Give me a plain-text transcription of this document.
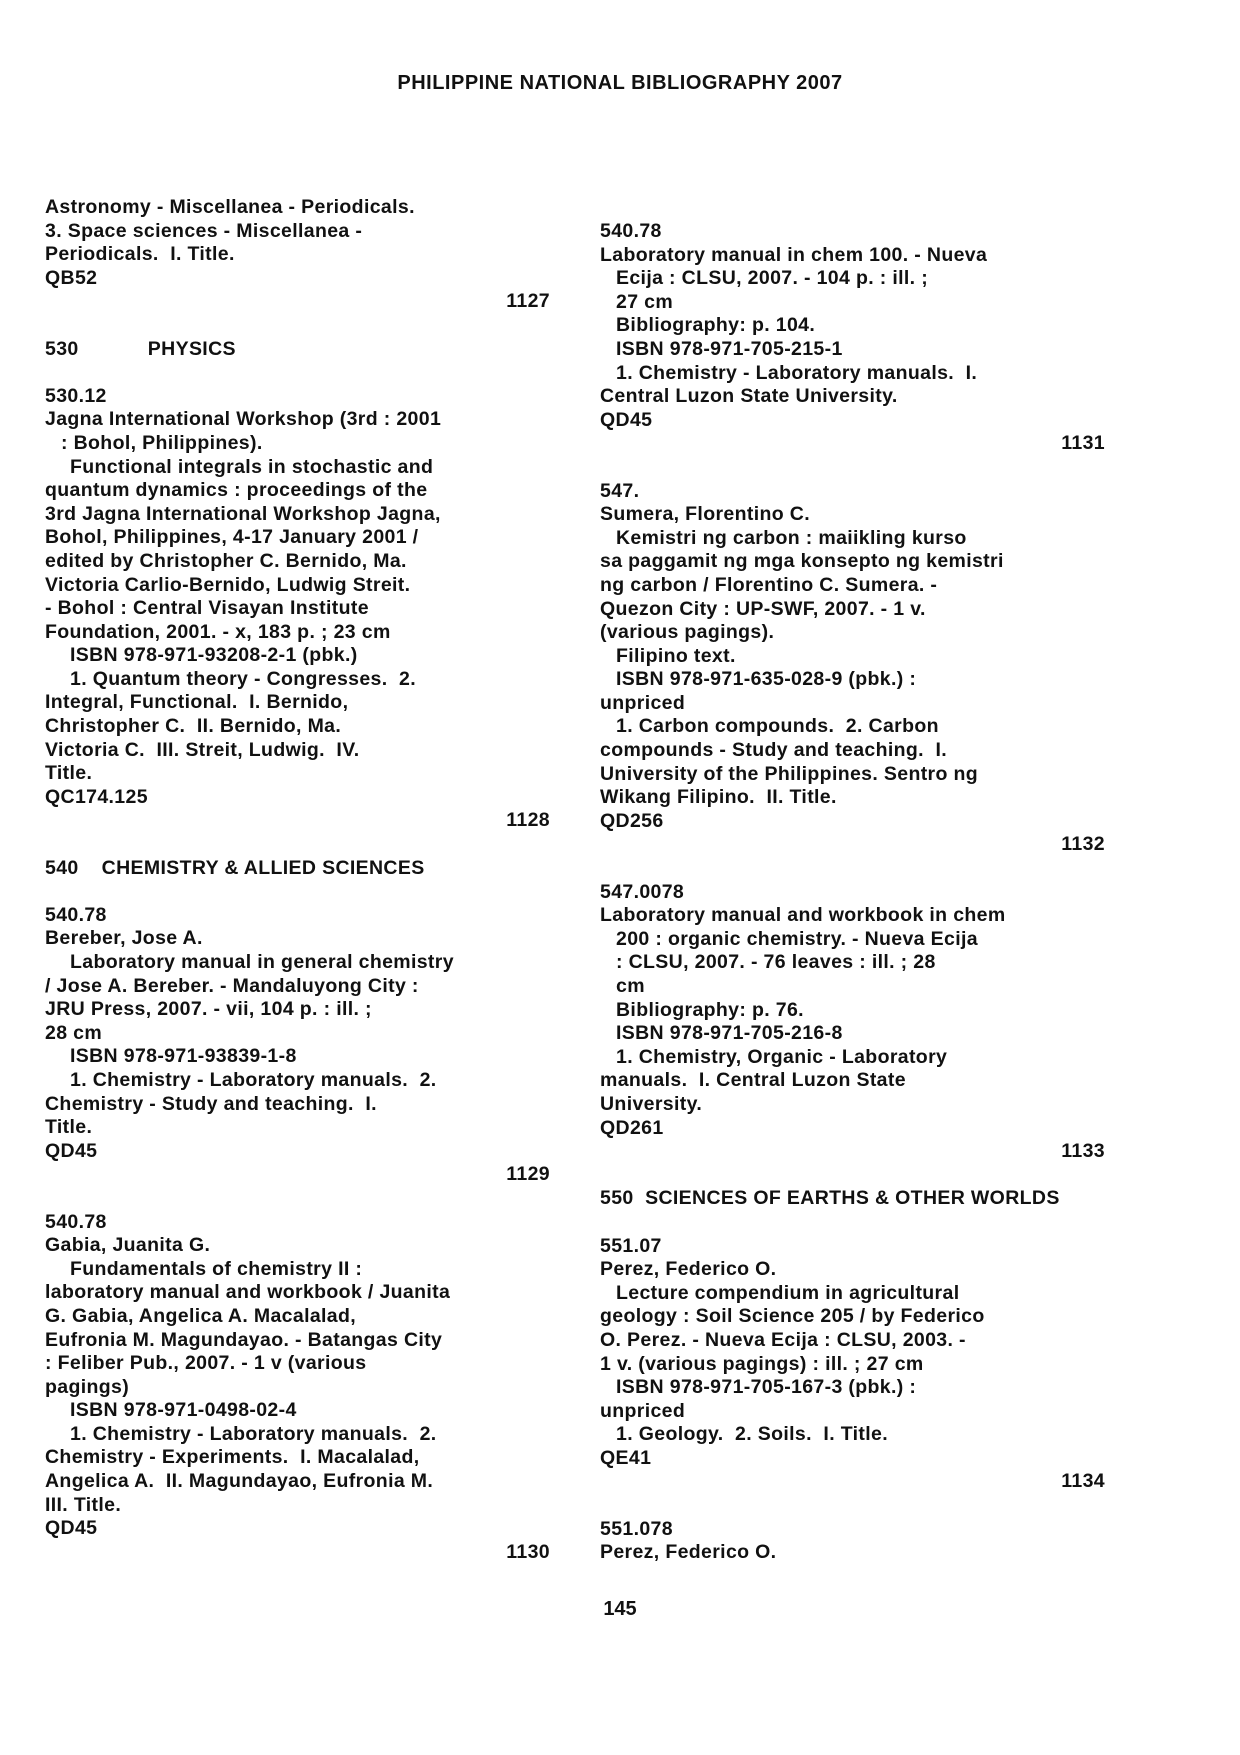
PHILIPPINE NATIONAL BIBLIOGRAPHY 2007
Astronomy - Miscellanea - Periodicals.
3. Space sciences - Miscellanea -
Periodicals.  I. Title.
QB52
1127
530            PHYSICS
530.12
Jagna International Workshop (3rd : 2001
: Bohol, Philippines).
Functional integrals in stochastic and
quantum dynamics : proceedings of the
3rd Jagna International Workshop Jagna,
Bohol, Philippines, 4-17 January 2001 /
edited by Christopher C. Bernido, Ma.
Victoria Carlio-Bernido, Ludwig Streit.
- Bohol : Central Visayan Institute
Foundation, 2001. - x, 183 p. ; 23 cm
ISBN 978-971-93208-2-1 (pbk.)
1. Quantum theory - Congresses.  2.
Integral, Functional.  I. Bernido,
Christopher C.  II. Bernido, Ma.
Victoria C.  III. Streit, Ludwig.  IV.
Title.
QC174.125
1128
540    CHEMISTRY & ALLIED SCIENCES
540.78
Bereber, Jose A.
Laboratory manual in general chemistry
/ Jose A. Bereber. - Mandaluyong City :
JRU Press, 2007. - vii, 104 p. : ill. ;
28 cm
ISBN 978-971-93839-1-8
1. Chemistry - Laboratory manuals.  2.
Chemistry - Study and teaching.  I.
Title.
QD45
1129
540.78
Gabia, Juanita G.
Fundamentals of chemistry II :
laboratory manual and workbook / Juanita
G. Gabia, Angelica A. Macalalad,
Eufronia M. Magundayao. - Batangas City
: Feliber Pub., 2007. - 1 v (various
pagings)
ISBN 978-971-0498-02-4
1. Chemistry - Laboratory manuals.  2.
Chemistry - Experiments.  I. Macalalad,
Angelica A.  II. Magundayao, Eufronia M.
III. Title.
QD45
1130
540.78
Laboratory manual in chem 100. - Nueva
Ecija : CLSU, 2007. - 104 p. : ill. ;
27 cm
Bibliography: p. 104.
ISBN 978-971-705-215-1
1. Chemistry - Laboratory manuals.  I.
Central Luzon State University.
QD45
1131
547.
Sumera, Florentino C.
Kemistri ng carbon : maiikling kurso
sa paggamit ng mga konsepto ng kemistri
ng carbon / Florentino C. Sumera. -
Quezon City : UP-SWF, 2007. - 1 v.
(various pagings).
Filipino text.
ISBN 978-971-635-028-9 (pbk.) :
unpriced
1. Carbon compounds.  2. Carbon
compounds - Study and teaching.  I.
University of the Philippines. Sentro ng
Wikang Filipino.  II. Title.
QD256
1132
547.0078
Laboratory manual and workbook in chem
200 : organic chemistry. - Nueva Ecija
: CLSU, 2007. - 76 leaves : ill. ; 28
cm
Bibliography: p. 76.
ISBN 978-971-705-216-8
1. Chemistry, Organic - Laboratory
manuals.  I. Central Luzon State
University.
QD261
1133
550  SCIENCES OF EARTHS & OTHER WORLDS
551.07
Perez, Federico O.
Lecture compendium in agricultural
geology : Soil Science 205 / by Federico
O. Perez. - Nueva Ecija : CLSU, 2003. -
1 v. (various pagings) : ill. ; 27 cm
ISBN 978-971-705-167-3 (pbk.) :
unpriced
1. Geology.  2. Soils.  I. Title.
QE41
1134
551.078
Perez, Federico O.
145
